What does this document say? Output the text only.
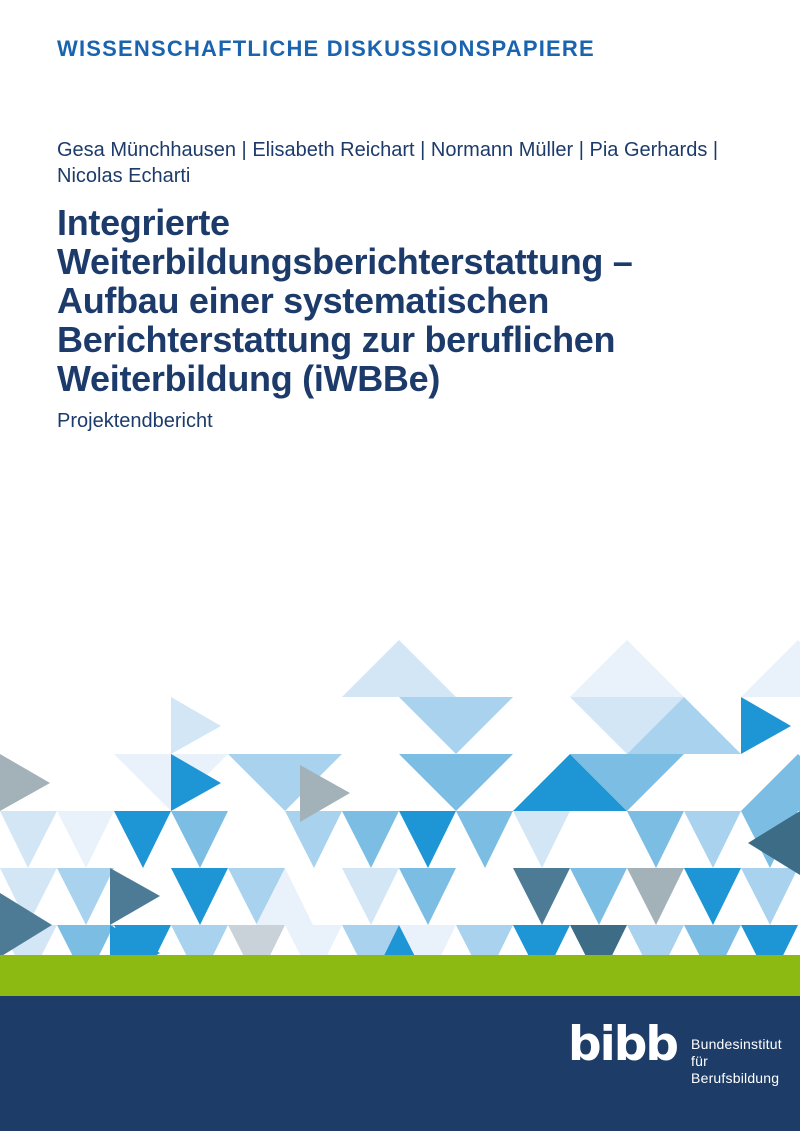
WISSENSCHAFTLICHE DISKUSSIONSPAPIERE
Gesa Münchhausen | Elisabeth Reichart | Normann Müller | Pia Gerhards |
Nicolas Echarti
Integrierte
Weiterbildungsberichterstattung –
Aufbau einer systematischen
Berichterstattung zur beruflichen
Weiterbildung (iWBBe)
Projektendbericht
bibb Bundesinstitut für
Berufsbildung
